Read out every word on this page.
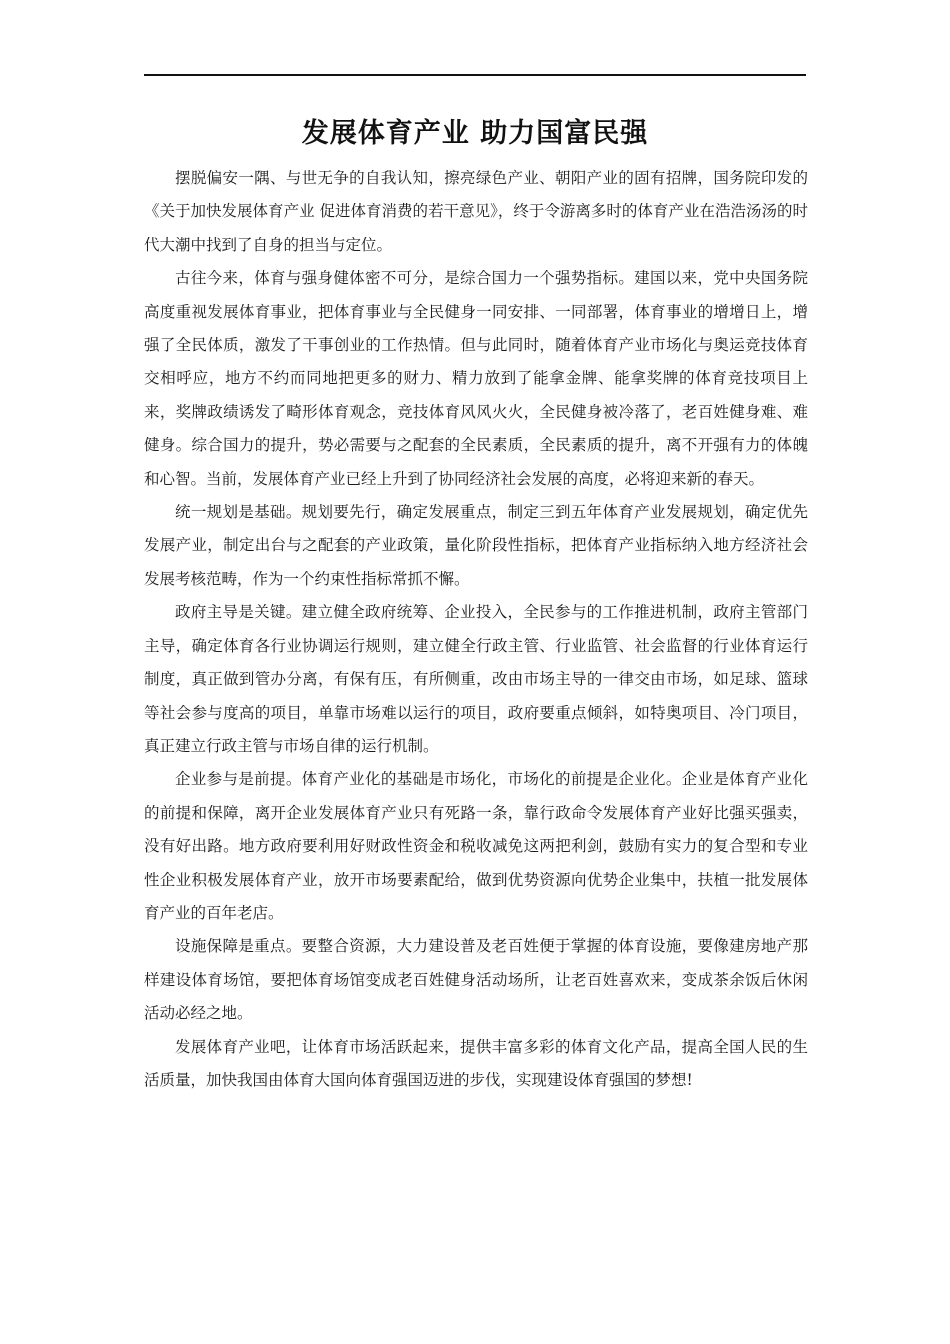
发展体育产业 助力国富民强

摆脱偏安一隅、与世无争的自我认知，擦亮绿色产业、朝阳产业的固有招牌，国务院印发的《关于加快发展体育产业 促进体育消费的若干意见》，终于令游离多时的体育产业在浩浩汤汤的时代大潮中找到了自身的担当与定位。

古往今来，体育与强身健体密不可分，是综合国力一个强势指标。建国以来，党中央国务院高度重视发展体育事业，把体育事业与全民健身一同安排、一同部署，体育事业的增增日上，增强了全民体质，激发了干事创业的工作热情。但与此同时，随着体育产业市场化与奥运竞技体育交相呼应，地方不约而同地把更多的财力、精力放到了能拿金牌、能拿奖牌的体育竞技项目上来，奖牌政绩诱发了畸形体育观念，竞技体育风风火火，全民健身被冷落了，老百姓健身难、难健身。综合国力的提升，势必需要与之配套的全民素质，全民素质的提升，离不开强有力的体魄和心智。当前，发展体育产业已经上升到了协同经济社会发展的高度，必将迎来新的春天。

统一规划是基础。规划要先行，确定发展重点，制定三到五年体育产业发展规划，确定优先发展产业，制定出台与之配套的产业政策，量化阶段性指标，把体育产业指标纳入地方经济社会发展考核范畴，作为一个约束性指标常抓不懈。

政府主导是关键。建立健全政府统筹、企业投入，全民参与的工作推进机制，政府主管部门主导，确定体育各行业协调运行规则，建立健全行政主管、行业监管、社会监督的行业体育运行制度，真正做到管办分离，有保有压，有所侧重，改由市场主导的一律交由市场，如足球、篮球等社会参与度高的项目，单靠市场难以运行的项目，政府要重点倾斜，如特奥项目、冷门项目，真正建立行政主管与市场自律的运行机制。

企业参与是前提。体育产业化的基础是市场化，市场化的前提是企业化。企业是体育产业化的前提和保障，离开企业发展体育产业只有死路一条，靠行政命令发展体育产业好比强买强卖，没有好出路。地方政府要利用好财政性资金和税收减免这两把利剑，鼓励有实力的复合型和专业性企业积极发展体育产业，放开市场要素配给，做到优势资源向优势企业集中，扶植一批发展体育产业的百年老店。

设施保障是重点。要整合资源，大力建设普及老百姓便于掌握的体育设施，要像建房地产那样建设体育场馆，要把体育场馆变成老百姓健身活动场所，让老百姓喜欢来，变成茶余饭后休闲活动必经之地。

发展体育产业吧，让体育市场活跃起来，提供丰富多彩的体育文化产品，提高全国人民的生活质量，加快我国由体育大国向体育强国迈进的步伐，实现建设体育强国的梦想!
